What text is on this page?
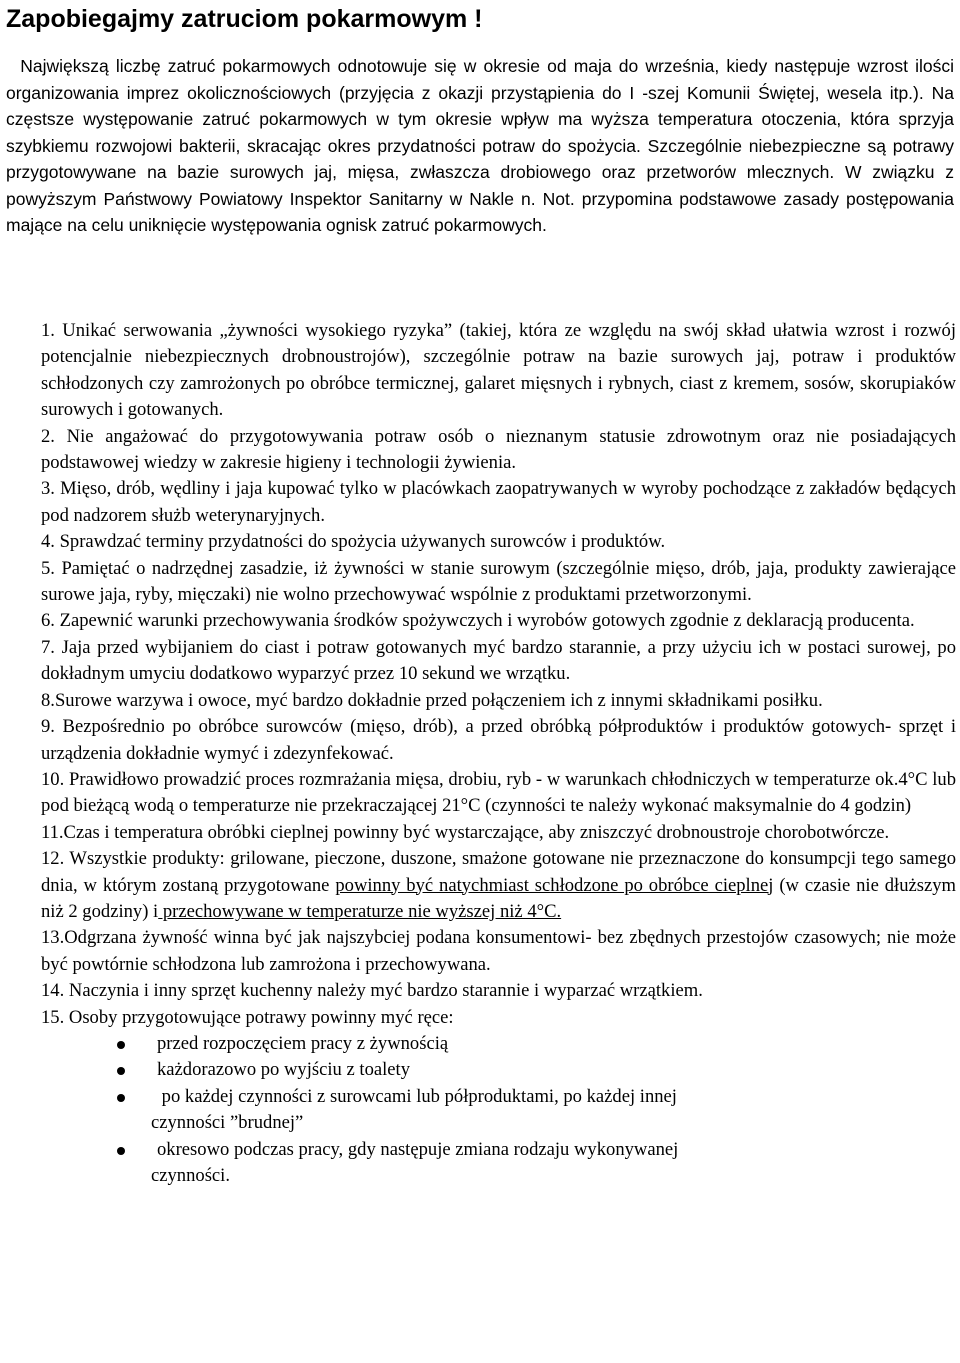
Zapobiegajmy zatruciom pokarmowym !

Największą liczbę zatruć pokarmowych odnotowuje się w okresie od maja do września, kiedy następuje wzrost ilości organizowania imprez okolicznościowych (przyjęcia z okazji przystąpienia do I -szej Komunii Świętej, wesela itp.). Na częstsze występowanie zatruć pokarmowych w tym okresie wpływ ma wyższa temperatura otoczenia, która sprzyja szybkiemu rozwojowi bakterii, skracając okres przydatności potraw do spożycia. Szczególnie niebezpieczne są potrawy przygotowywane na bazie surowych jaj, mięsa, zwłaszcza drobiowego oraz przetworów mlecznych. W związku z powyższym Państwowy Powiatowy Inspektor Sanitarny w Nakle n. Not. przypomina podstawowe zasady postępowania mające na celu uniknięcie występowania ognisk zatruć pokarmowych.

1. Unikać serwowania „żywności wysokiego ryzyka” (takiej, która ze względu na swój skład ułatwia wzrost i rozwój potencjalnie niebezpiecznych drobnoustrojów), szczególnie potraw na bazie surowych jaj, potraw i produktów schłodzonych czy zamrożonych po obróbce termicznej, galaret mięsnych i rybnych, ciast z kremem, sosów, skorupiaków surowych i gotowanych.

2. Nie angażować do przygotowywania potraw osób o nieznanym statusie zdrowotnym oraz nie posiadających podstawowej wiedzy w zakresie higieny i technologii żywienia.

3. Mięso, drób, wędliny i jaja kupować tylko w placówkach zaopatrywanych w wyroby pochodzące z zakładów będących pod nadzorem służb weterynaryjnych.

4. Sprawdzać terminy przydatności do spożycia używanych surowców i produktów.

5. Pamiętać o nadrzędnej zasadzie, iż żywności w stanie surowym (szczególnie mięso, drób, jaja, produkty zawierające surowe jaja, ryby, mięczaki) nie wolno przechowywać wspólnie z produktami przetworzonymi.

6. Zapewnić warunki przechowywania środków spożywczych i wyrobów gotowych zgodnie z deklaracją producenta.

7. Jaja przed wybijaniem do ciast i potraw gotowanych myć bardzo starannie, a przy użyciu ich w postaci surowej, po dokładnym umyciu dodatkowo wyparzyć przez 10 sekund we wrzątku.

8.Surowe warzywa i owoce, myć bardzo dokładnie przed połączeniem ich z innymi składnikami posiłku.

9. Bezpośrednio po obróbce surowców (mięso, drób), a przed obróbką półproduktów i produktów gotowych- sprzęt i urządzenia dokładnie wymyć i zdezynfekować.

10. Prawidłowo prowadzić proces rozmrażania mięsa, drobiu, ryb - w warunkach chłodniczych w temperaturze ok.4°C lub pod bieżącą wodą o temperaturze nie przekraczającej 21°C (czynności te należy wykonać maksymalnie do 4 godzin)

11.Czas i temperatura obróbki cieplnej powinny być wystarczające, aby zniszczyć drobnoustroje chorobotwórcze.

12. Wszystkie produkty: grilowane, pieczone, duszone, smażone gotowane nie przeznaczone do konsumpcji tego samego dnia, w którym zostaną przygotowane powinny być natychmiast schłodzone po obróbce cieplnej (w czasie nie dłuższym niż 2 godziny) i przechowywane w temperaturze nie wyższej niż 4°C.

13.Odgrzana żywność winna być jak najszybciej podana konsumentowi- bez zbędnych przestojów czasowych; nie może być powtórnie schłodzona lub zamrożona i przechowywana.

14. Naczynia i inny sprzęt kuchenny należy myć bardzo starannie i wyparzać wrzątkiem.

15. Osoby przygotowujące potrawy powinny myć ręce:

przed rozpoczęciem pracy z żywnością
każdorazowo po wyjściu z toalety
po każdej czynności z surowcami lub półproduktami, po każdej innej
czynności ”brudnej”
okresowo podczas pracy, gdy następuje zmiana rodzaju wykonywanej
czynności.
